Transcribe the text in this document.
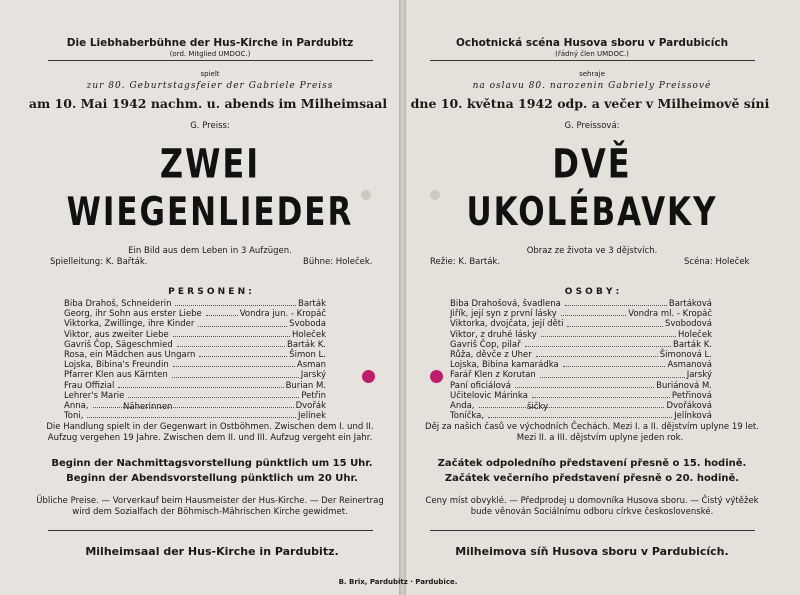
Die Liebhaberbühne der Hus-Kirche in Pardubitz
(ord. Mitglied UMDOC.)
spielt
zur 80. Geburtstagsfeier der Gabriele Preiss
am 10. Mai 1942 nachm. u. abends im Milheimsaal
G. Preiss:
ZWEI
WIEGENLIEDER
Ein Bild aus dem Leben in 3 Aufzügen.
Spielleitung: K. Bar̆ták.	Bühne: Holeček.
P E R S O N E N :
Biba Drahoš, Schneiderin	Barták
Georg, ihr Sohn aus erster Liebe	Vondra jun. - Kropáč
Viktorka, Zwillinge, ihre Kinder	Svoboda
Viktor, aus zweiter Liebe	Holeček
Gavriš Čop, Sägeschmied	Barták K.
Rosa, ein Mädchen aus Ungarn	Šimon L.
Lojska, Bibina's Freundin	Asman
Pfarrer Klen aus Kärnten	Jarský
Frau Offizial	Burian M.
Lehrer's Marie	Petřin
Anna,	Dvořák
Toni,	Jelínek
Näherinnen
Die Handlung spielt in der Gegenwart in Ostböhmen. Zwischen dem I. und II.
Aufzug vergehen 19 Jahre. Zwischen dem II. und III. Aufzug vergeht ein Jahr.
Beginn der Nachmittagsvorstellung pünktlich um 15 Uhr.
Beginn der Abendsvorstellung pünktlich um 20 Uhr.
Übliche Preise. — Vorverkauf beim Hausmeister der Hus-Kirche. — Der Reinertrag
wird dem Sozialfach der Böhmisch-Mährischen Kirche gewidmet.
Milheimsaal der Hus-Kirche in Pardubitz.
Ochotnická scéna Husova sboru v Pardubicích
(řádný člen UMDOC.)
sehraje
na oslavu 80. narozenin Gabriely Preissové
dne 10. května 1942 odp. a večer v Milheimově síni
G. Preissová:
DVĚ
UKOLÉBAVKY
Obraz ze života ve 3 dějstvích.
Režie: K. Barták.	Scéna: Holeček
O S O B Y :
Biba Drahošová, švadlena	Bartáková
Jiřík, její syn z první lásky	Vondra ml. - Kropáč
Viktorka, dvojčata, její děti	Svobodová
Viktor, z druhé lásky	Holeček
Gavriš Čop, pilař	Barták K.
Růža, děvče z Uher	Šimonová L.
Lojska, Bibina kamarádka	Asmanová
Farář Klen z Korutan	Jarský
Paní oficiálová	Buriánová M.
Učitelovic Márinka	Petřinová
Anda,	Dvořáková
Toníčka,	Jelínková
šičky
Děj za našich časů ve východních Čechách. Mezi I. a II. dějstvím uplyne 19 let.
Mezi II. a III. dějstvím uplyne jeden rok.
Začátek odpoledního představení přesně o 15. hodině.
Začátek večerního představení přesně o 20. hodině.
Ceny míst obvyklé. — Předprodej u domovníka Husova sboru. — Čistý výtěžek
bude věnován Sociálnímu odboru církve československé.
Milheimova síň Husova sboru v Pardubicích.
B. Brix, Pardubitz · Pardubice.
